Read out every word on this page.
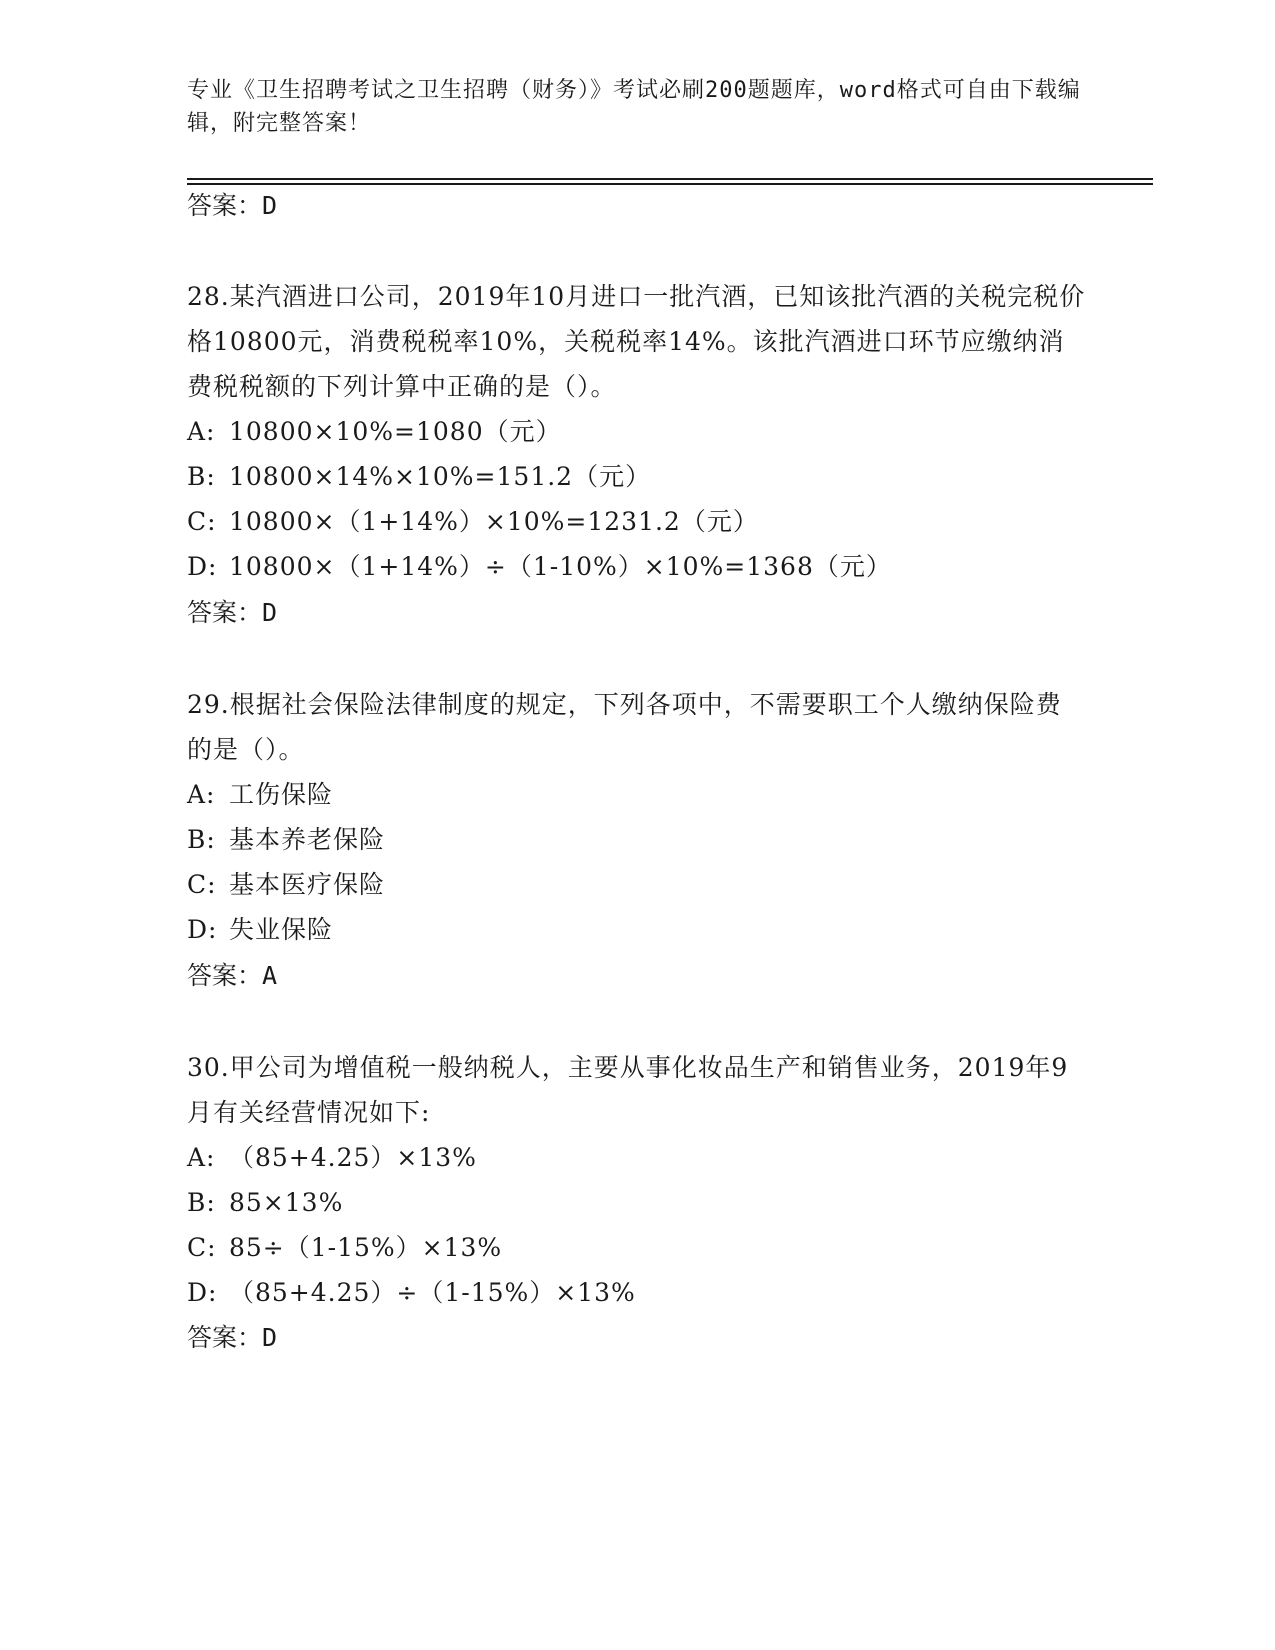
专业《卫生招聘考试之卫生招聘（财务）》考试必刷200题题库，word格式可自由下载编辑，附完整答案！
答案：D
28.某汽酒进口公司，2019年10月进口一批汽酒，已知该批汽酒的关税完税价格10800元，消费税税率10%，关税税率14%。该批汽酒进口环节应缴纳消费税税额的下列计算中正确的是（）。
A: 10800×10%=1080（元）
B: 10800×14%×10%=151.2（元）
C: 10800×（1+14%）×10%=1231.2（元）
D: 10800×（1+14%）÷（1-10%）×10%=1368（元）
答案：D
29.根据社会保险法律制度的规定，下列各项中，不需要职工个人缴纳保险费的是（）。
A: 工伤保险
B: 基本养老保险
C: 基本医疗保险
D: 失业保险
答案：A
30.甲公司为增值税一般纳税人，主要从事化妆品生产和销售业务，2019年9月有关经营情况如下:
A: （85+4.25）×13%
B: 85×13%
C: 85÷（1-15%）×13%
D: （85+4.25）÷（1-15%）×13%
答案：D
